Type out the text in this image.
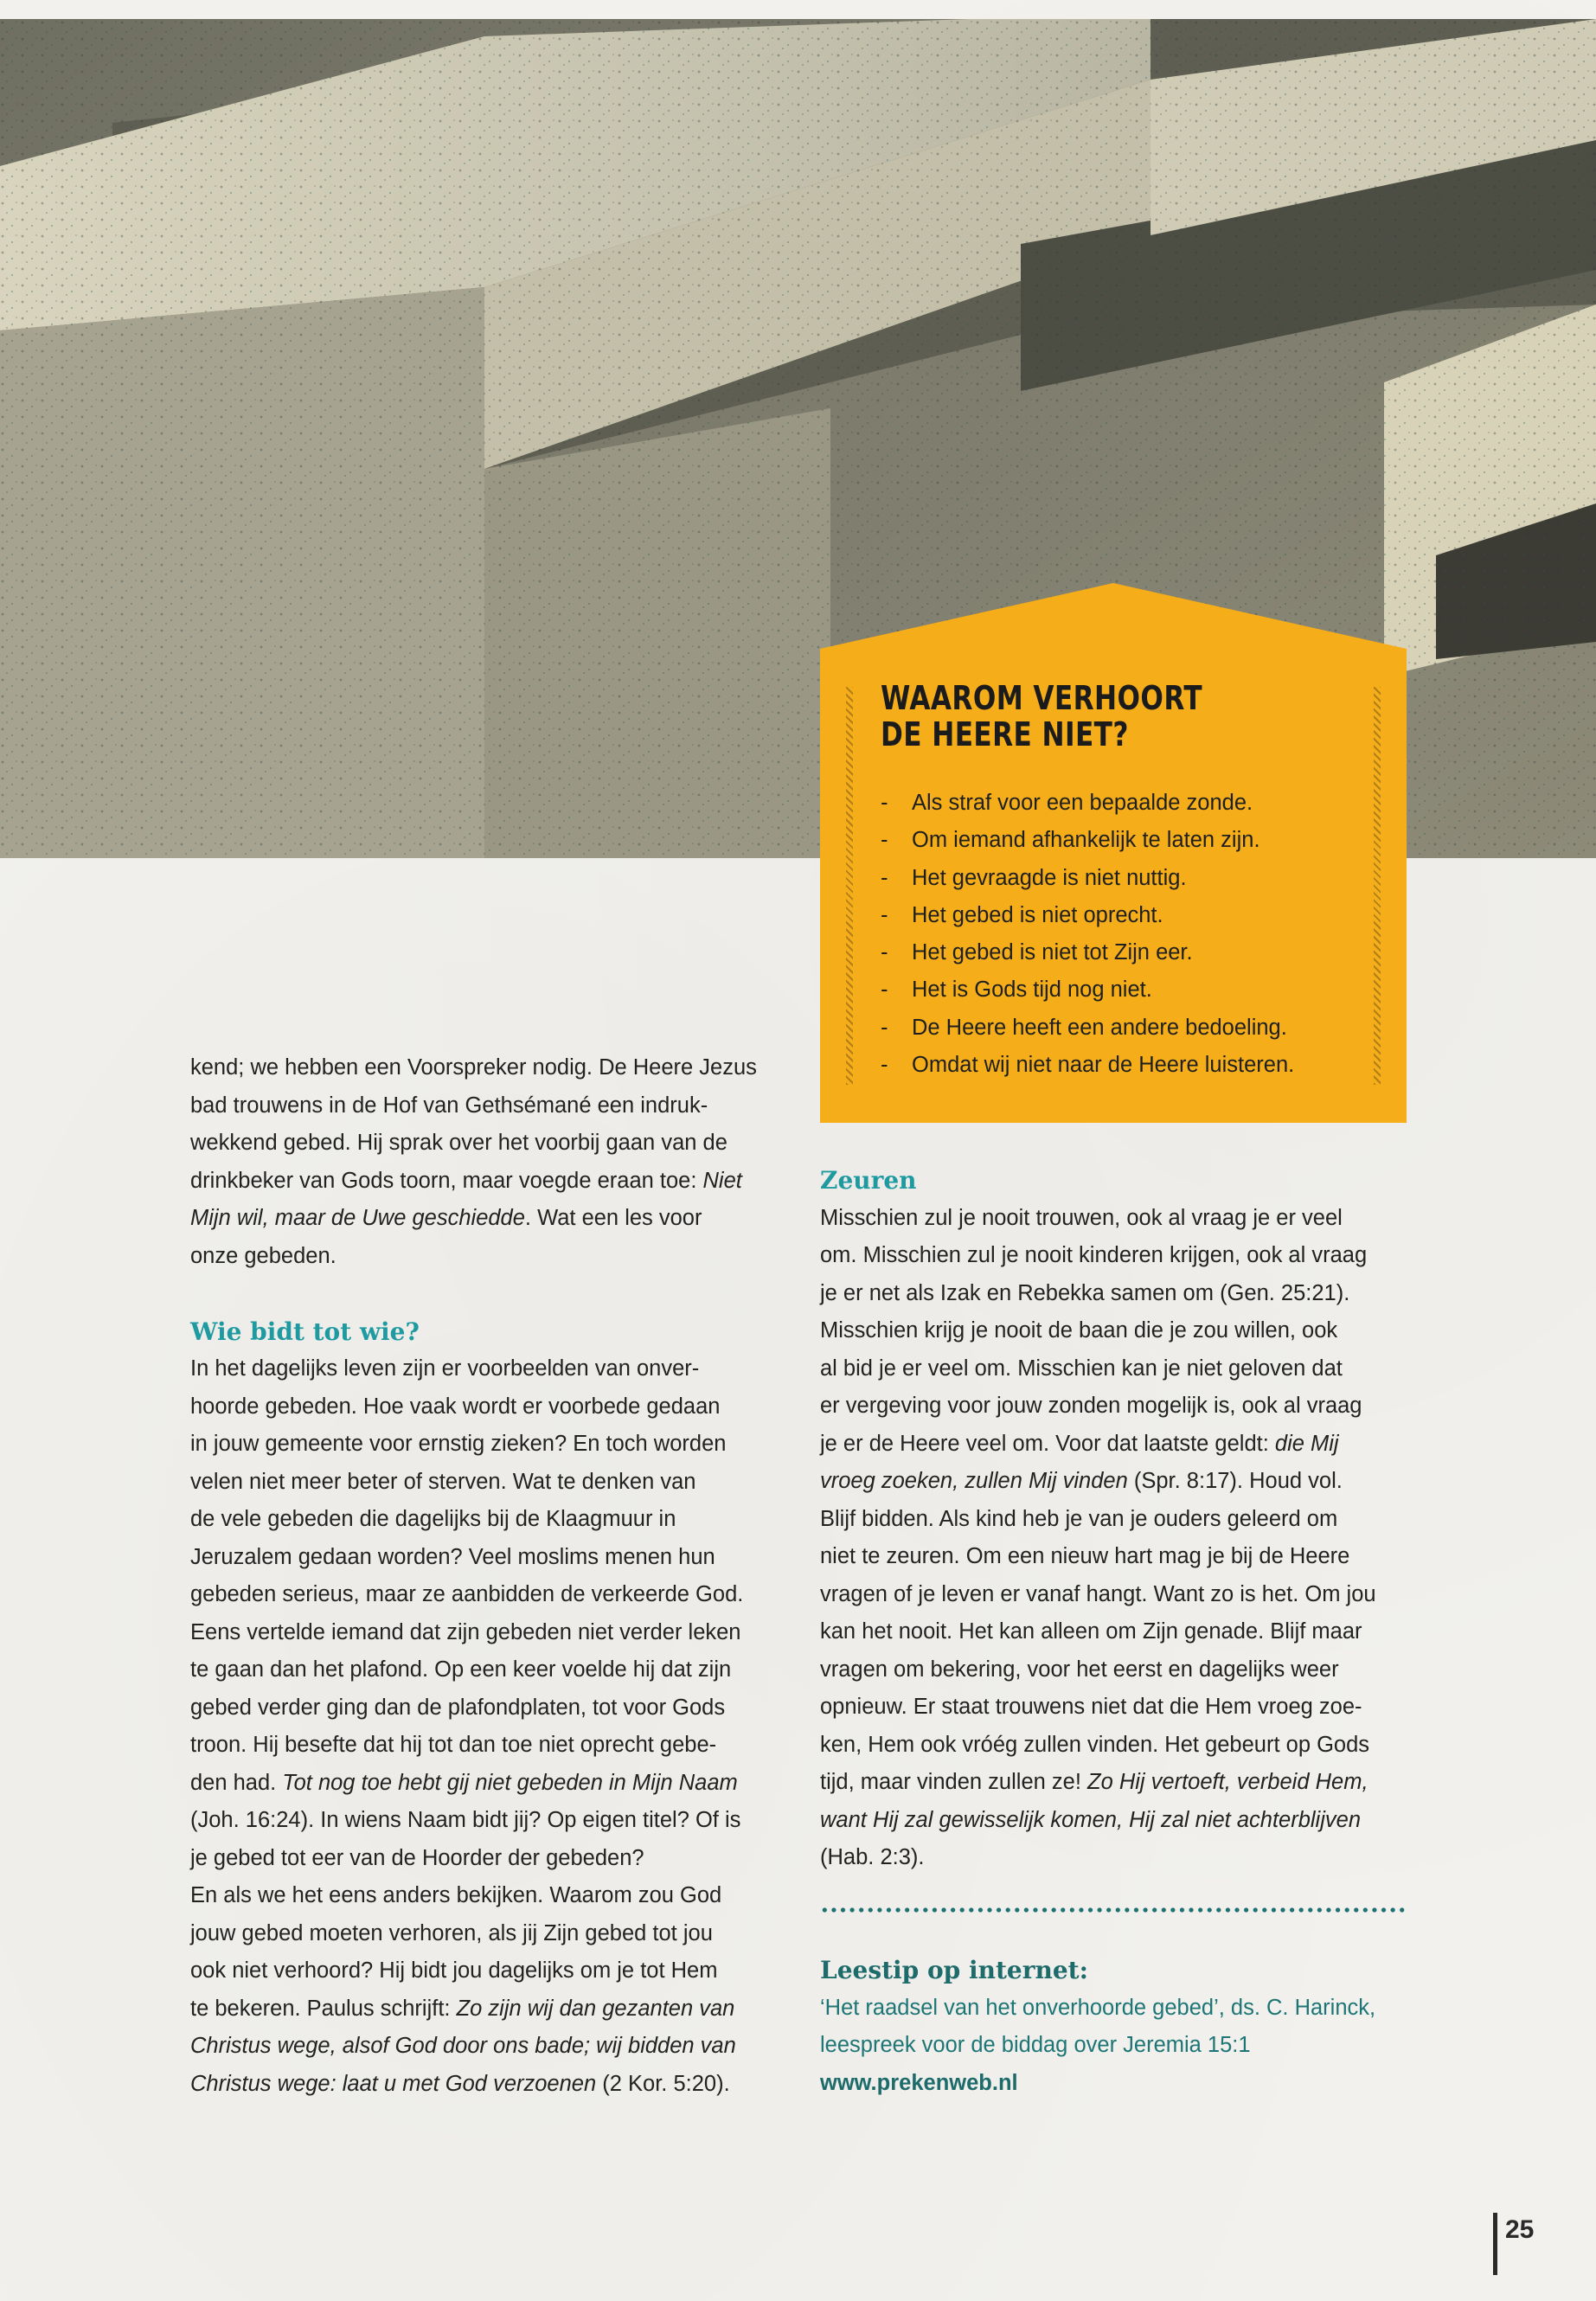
WAAROM VERHOORT
DE HEERE NIET?
- Als straf voor een bepaalde zonde.
- Om iemand afhankelijk te laten zijn.
- Het gevraagde is niet nuttig.
- Het gebed is niet oprecht.
- Het gebed is niet tot Zijn eer.
- Het is Gods tijd nog niet.
- De Heere heeft een andere bedoeling.
- Omdat wij niet naar de Heere luisteren.

kend; we hebben een Voorspreker nodig. De Heere Jezus

bad trouwens in de Hof van Gethsémané een indruk-

wekkend gebed. Hij sprak over het voorbij gaan van de

drinkbeker van Gods toorn, maar voegde eraan toe: Niet

Mijn wil, maar de Uwe geschiedde. Wat een les voor

onze gebeden.

Wie bidt tot wie?

In het dagelijks leven zijn er voorbeelden van onver-

hoorde gebeden. Hoe vaak wordt er voorbede gedaan

in jouw gemeente voor ernstig zieken? En toch worden

velen niet meer beter of sterven. Wat te denken van

de vele gebeden die dagelijks bij de Klaagmuur in

Jeruzalem gedaan worden? Veel moslims menen hun

gebeden serieus, maar ze aanbidden de verkeerde God.

Eens vertelde iemand dat zijn gebeden niet verder leken

te gaan dan het plafond. Op een keer voelde hij dat zijn

gebed verder ging dan de plafondplaten, tot voor Gods

troon. Hij besefte dat hij tot dan toe niet oprecht gebe-

den had. Tot nog toe hebt gij niet gebeden in Mijn Naam

(Joh. 16:24). In wiens Naam bidt jij? Op eigen titel? Of is

je gebed tot eer van de Hoorder der gebeden?

En als we het eens anders bekijken. Waarom zou God

jouw gebed moeten verhoren, als jij Zijn gebed tot jou

ook niet verhoord? Hij bidt jou dagelijks om je tot Hem

te bekeren. Paulus schrijft: Zo zijn wij dan gezanten van

Christus wege, alsof God door ons bade; wij bidden van

Christus wege: laat u met God verzoenen (2 Kor. 5:20).

Zeuren

Misschien zul je nooit trouwen, ook al vraag je er veel

om. Misschien zul je nooit kinderen krijgen, ook al vraag

je er net als Izak en Rebekka samen om (Gen. 25:21).

Misschien krijg je nooit de baan die je zou willen, ook

al bid je er veel om. Misschien kan je niet geloven dat

er vergeving voor jouw zonden mogelijk is, ook al vraag

je er de Heere veel om. Voor dat laatste geldt: die Mij

vroeg zoeken, zullen Mij vinden (Spr. 8:17). Houd vol.

Blijf bidden. Als kind heb je van je ouders geleerd om

niet te zeuren. Om een nieuw hart mag je bij de Heere

vragen of je leven er vanaf hangt. Want zo is het. Om jou

kan het nooit. Het kan alleen om Zijn genade. Blijf maar

vragen om bekering, voor het eerst en dagelijks weer

opnieuw. Er staat trouwens niet dat die Hem vroeg zoe-

ken, Hem ook vróég zullen vinden. Het gebeurt op Gods

tijd, maar vinden zullen ze! Zo Hij vertoeft, verbeid Hem,

want Hij zal gewisselijk komen, Hij zal niet achterblijven

(Hab. 2:3).

Leestip op internet:

‘Het raadsel van het onverhoorde gebed’, ds. C. Harinck,

leespreek voor de biddag over Jeremia 15:1

www.prekenweb.nl

25
